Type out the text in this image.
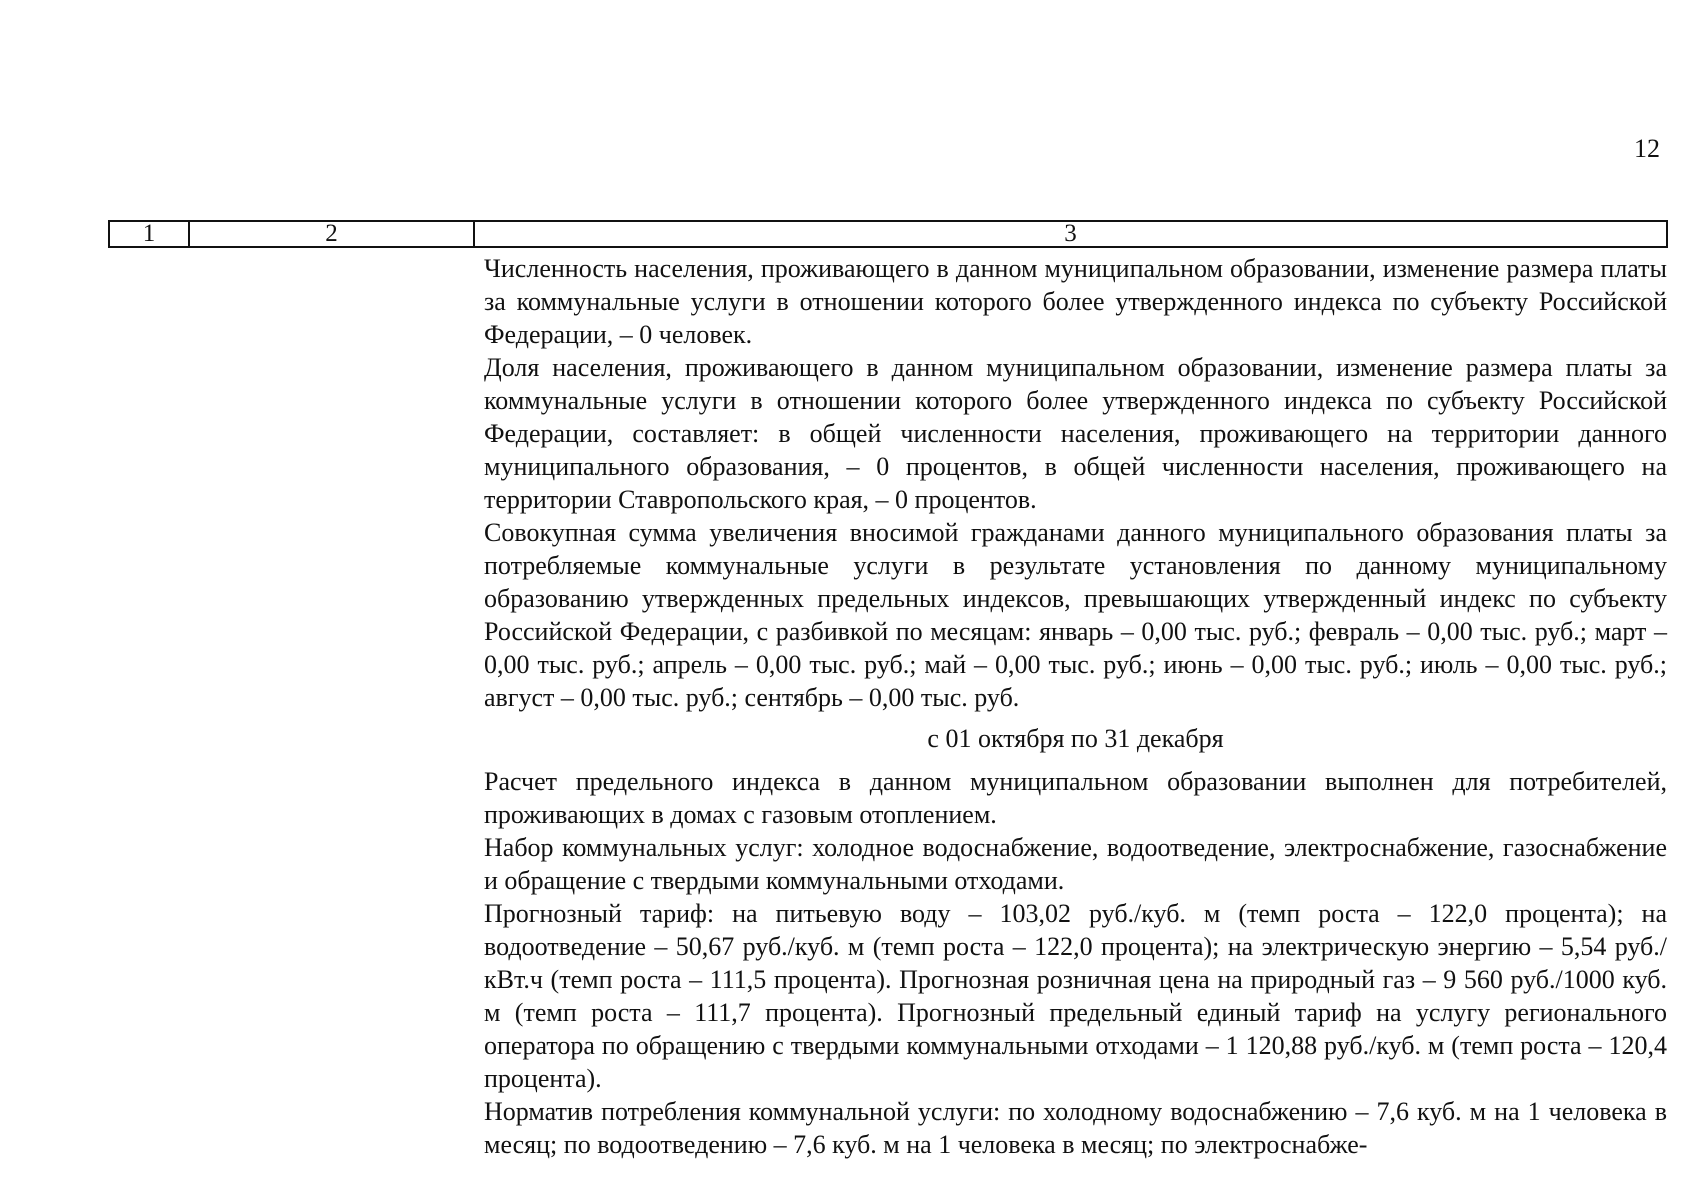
12
1	2	3

Численность населения, проживающего в данном муниципальном образовании, изменение размера платы за коммунальные услуги в отношении которого более утвержденного индекса по субъекту Российской Федерации, – 0 человек.

Доля населения, проживающего в данном муниципальном образовании, изменение размера платы за коммунальные услуги в отношении которого более утвержденного индекса по субъекту Российской Федерации, составляет: в общей численности населения, проживающего на территории данного муниципального образования, – 0 процентов, в общей численности населения, проживающего на территории Ставропольского края, – 0 процентов.

Совокупная сумма увеличения вносимой гражданами данного муниципального образования платы за потребляемые коммунальные услуги в результате установления по данному муниципальному образованию утвержденных предельных индексов, превышающих утвержденный индекс по субъекту Российской Федерации, с разбивкой по месяцам: январь – 0,00 тыс. руб.; февраль – 0,00 тыс. руб.; март – 0,00 тыс. руб.; апрель – 0,00 тыс. руб.; май – 0,00 тыс. руб.; июнь – 0,00 тыс. руб.; июль – 0,00 тыс. руб.; август – 0,00 тыс. руб.; сентябрь – 0,00 тыс. руб.

с 01 октября по 31 декабря

Расчет предельного индекса в данном муниципальном образовании выполнен для потребителей, проживающих в домах с газовым отоплением.

Набор коммунальных услуг: холодное водоснабжение, водоотведение, электроснабжение, газоснабжение и обращение с твердыми коммунальными отходами.

Прогнозный тариф: на питьевую воду – 103,02 руб./куб. м (темп роста – 122,0 процента); на водоотведение – 50,67 руб./куб. м (темп роста – 122,0 процента); на электрическую энергию – 5,54 руб./кВт.ч (темп роста – 111,5 процента). Прогнозная розничная цена на природный газ – 9 560 руб./1000 куб. м (темп роста – 111,7 процента). Прогнозный предельный единый тариф на услугу регионального оператора по обращению с твердыми коммунальными отходами – 1 120,88 руб./куб. м (темп роста – 120,4 процента).

Норматив потребления коммунальной услуги: по холодному водоснабжению – 7,6 куб. м на 1 человека в месяц; по водоотведению – 7,6 куб. м на 1 человека в месяц; по электроснабже-
